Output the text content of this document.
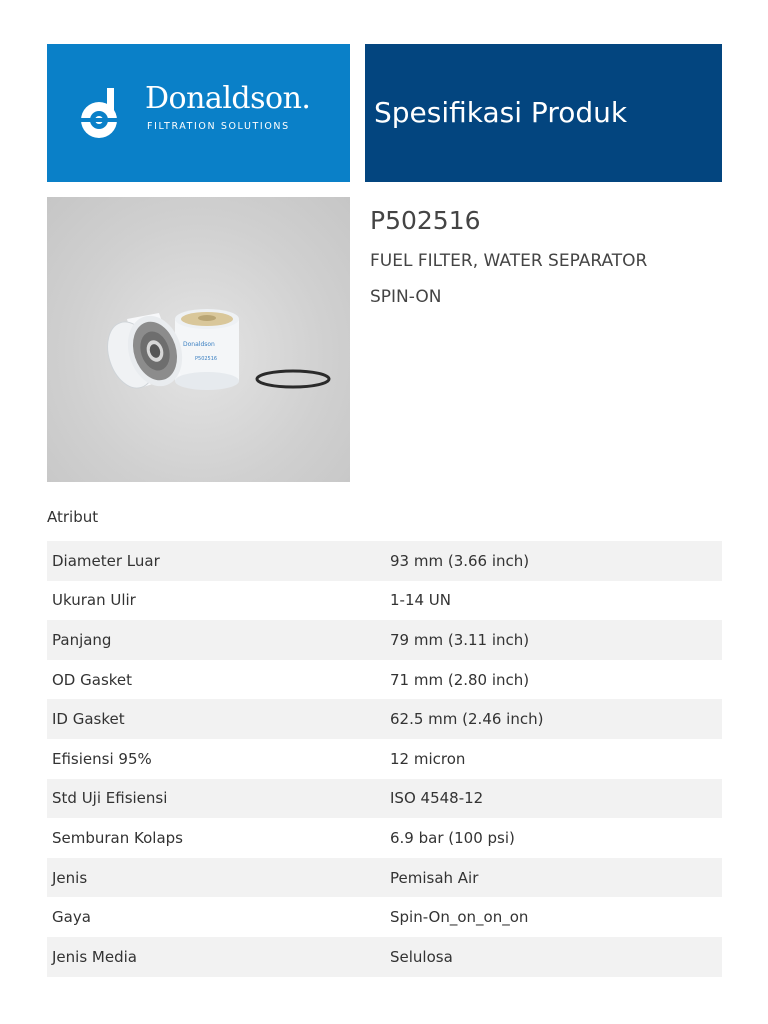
Donaldson.
FILTRATION SOLUTIONS	Spesifikasi Produk
Donaldson
P502516
P502516
FUEL FILTER, WATER SEPARATOR
SPIN-ON
Atribut
Diameter Luar	93 mm (3.66 inch)
Ukuran Ulir	1-14 UN
Panjang	79 mm (3.11 inch)
OD Gasket	71 mm (2.80 inch)
ID Gasket	62.5 mm (2.46 inch)
Efisiensi 95%	12 micron
Std Uji Efisiensi	ISO 4548-12
Semburan Kolaps	6.9 bar (100 psi)
Jenis	Pemisah Air
Gaya	Spin-On_on_on_on
Jenis Media	Selulosa
